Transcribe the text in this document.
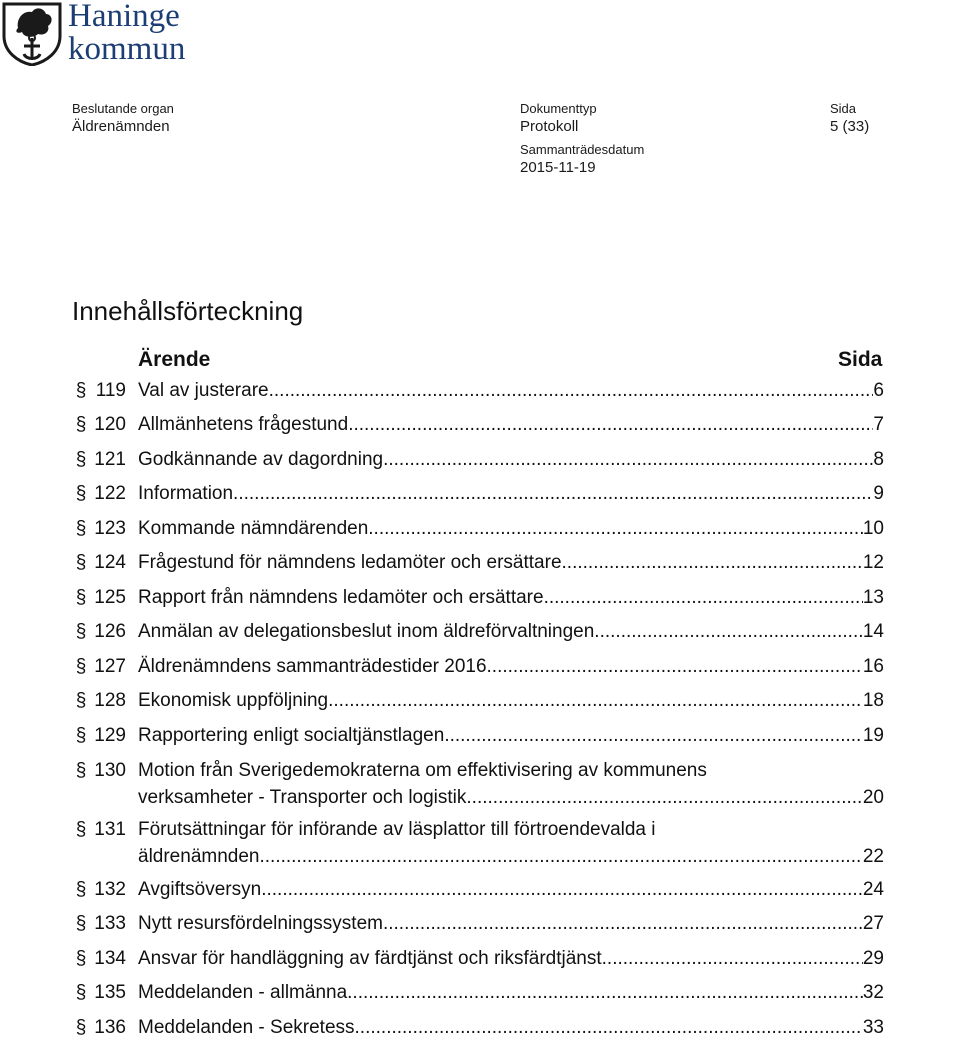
Haninge
kommun
Beslutande organ
Äldrenämnden
Dokumenttyp
Protokoll
Sida
5 (33)
Sammanträdesdatum
2015-11-19
Innehållsförteckning
Ärende	Sida
§ 119 Val av justerare .....	6
§ 120 Allmänhetens frågestund .....	7
§ 121 Godkännande av dagordning .....	8
§ 122 Information .....	9
§ 123 Kommande nämndärenden .....	10
§ 124 Frågestund för nämndens ledamöter och ersättare .....	12
§ 125 Rapport från nämndens ledamöter och ersättare .....	13
§ 126 Anmälan av delegationsbeslut inom äldreförvaltningen .....	14
§ 127 Äldrenämndens sammanträdestider 2016 .....	16
§ 128 Ekonomisk uppföljning .....	18
§ 129 Rapportering enligt socialtjänstlagen .....	19
§ 130 Motion från Sverigedemokraterna om effektivisering av kommunens
verksamheter - Transporter och logistik .....	20
§ 131 Förutsättningar för införande av läsplattor till förtroendevalda i
äldrenämnden .....	22
§ 132 Avgiftsöversyn .....	24
§ 133 Nytt resursfördelningssystem .....	27
§ 134 Ansvar för handläggning av färdtjänst och riksfärdtjänst .....	29
§ 135 Meddelanden - allmänna .....	32
§ 136 Meddelanden - Sekretess .....	33
